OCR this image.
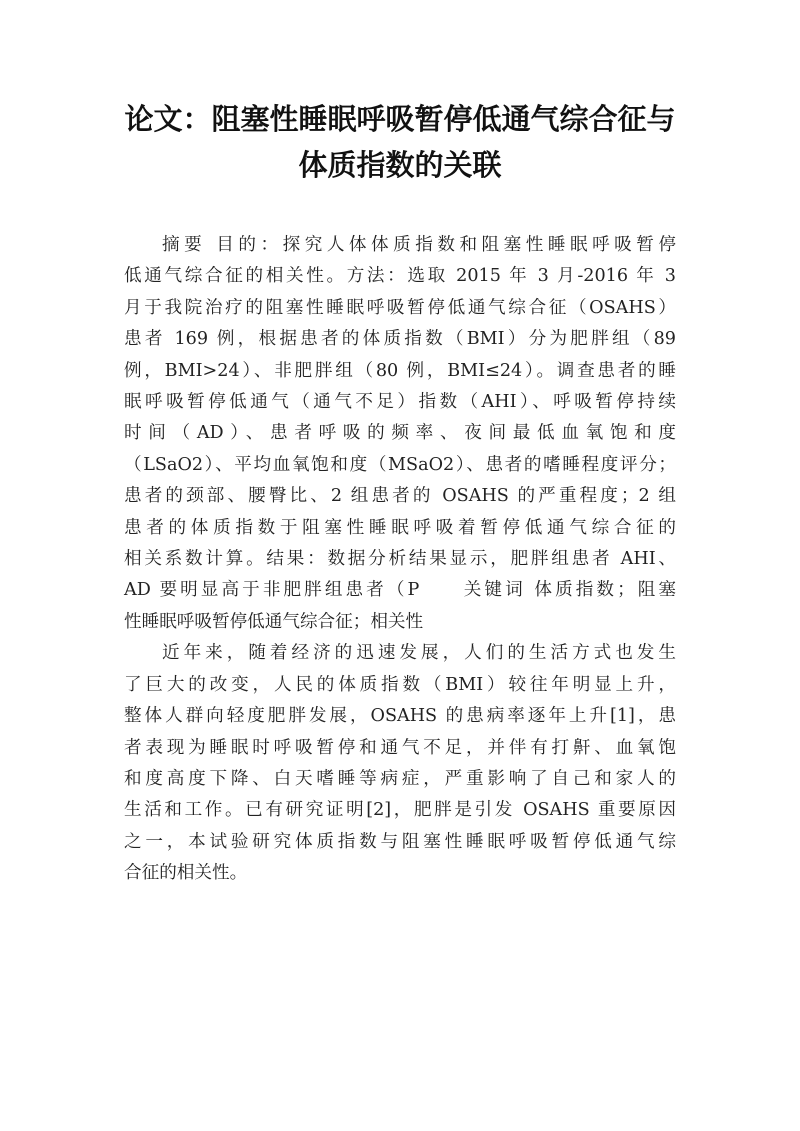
论文：阻塞性睡眠呼吸暂停低通气综合征与
体质指数的关联
摘要 目的：探究人体体质指数和阻塞性睡眠呼吸暂停
低通气综合征的相关性。方法：选取 2015 年 3 月-2016 年 3
月于我院治疗的阻塞性睡眠呼吸暂停低通气综合征（OSAHS）
患者 169 例，根据患者的体质指数（BMI）分为肥胖组（89
例，BMI>24）、非肥胖组（80 例，BMI≤24）。调查患者的睡
眠呼吸暂停低通气（通气不足）指数（AHI）、呼吸暂停持续
时间（AD）、患者呼吸的频率、夜间最低血氧饱和度
（LSaO2）、平均血氧饱和度（MSaO2）、患者的嗜睡程度评分；
患者的颈部、腰臀比、2 组患者的 OSAHS 的严重程度；2 组
患者的体质指数于阻塞性睡眠呼吸着暂停低通气综合征的
相关系数计算。结果：数据分析结果显示，肥胖组患者 AHI、
AD 要明显高于非肥胖组患者（P　　关键词 体质指数；阻塞
性睡眠呼吸暂停低通气综合征；相关性
近年来，随着经济的迅速发展，人们的生活方式也发生
了巨大的改变，人民的体质指数（BMI）较往年明显上升，
整体人群向轻度肥胖发展，OSAHS 的患病率逐年上升[1]，患
者表现为睡眠时呼吸暂停和通气不足，并伴有打鼾、血氧饱
和度高度下降、白天嗜睡等病症，严重影响了自己和家人的
生活和工作。已有研究证明[2]，肥胖是引发 OSAHS 重要原因
之一，本试验研究体质指数与阻塞性睡眠呼吸暂停低通气综
合征的相关性。
